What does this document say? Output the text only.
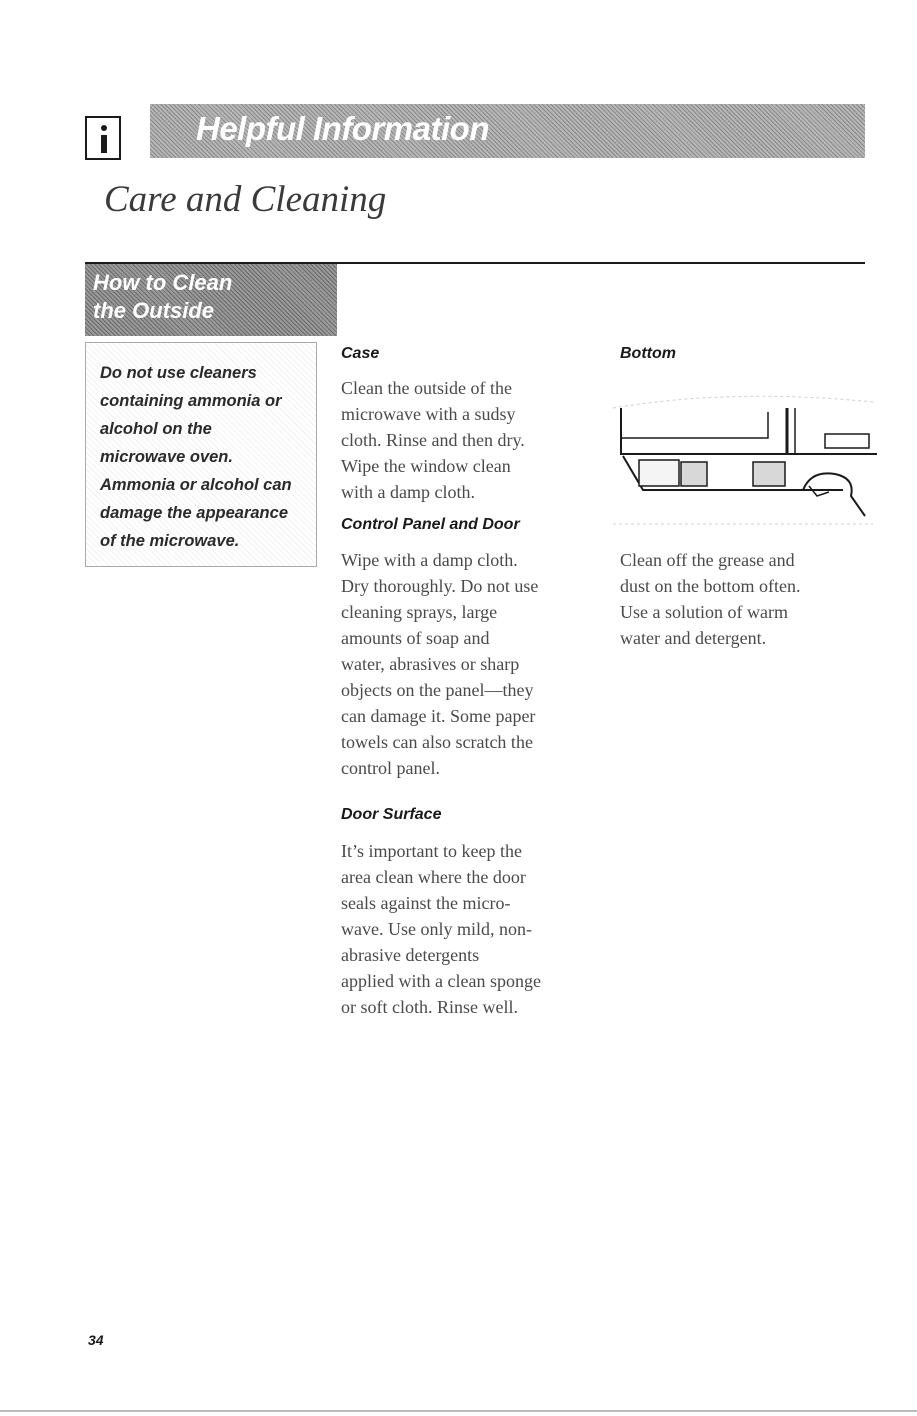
Helpful Information
Care and Cleaning
How to Clean
the Outside
Do not use cleaners
containing ammonia or
alcohol on the
microwave oven.
Ammonia or alcohol can
damage the appearance
of the microwave.
Case
Clean the outside of the
microwave with a sudsy
cloth. Rinse and then dry.
Wipe the window clean
with a damp cloth.
Control Panel and Door
Wipe with a damp cloth.
Dry thoroughly. Do not use
cleaning sprays, large
amounts of soap and
water, abrasives or sharp
objects on the panel—they
can damage it. Some paper
towels can also scratch the
control panel.
Door Surface
It’s important to keep the
area clean where the door
seals against the micro-
wave. Use only mild, non-
abrasive detergents
applied with a clean sponge
or soft cloth. Rinse well.
Bottom
Clean off the grease and
dust on the bottom often.
Use a solution of warm
water and detergent.
34
